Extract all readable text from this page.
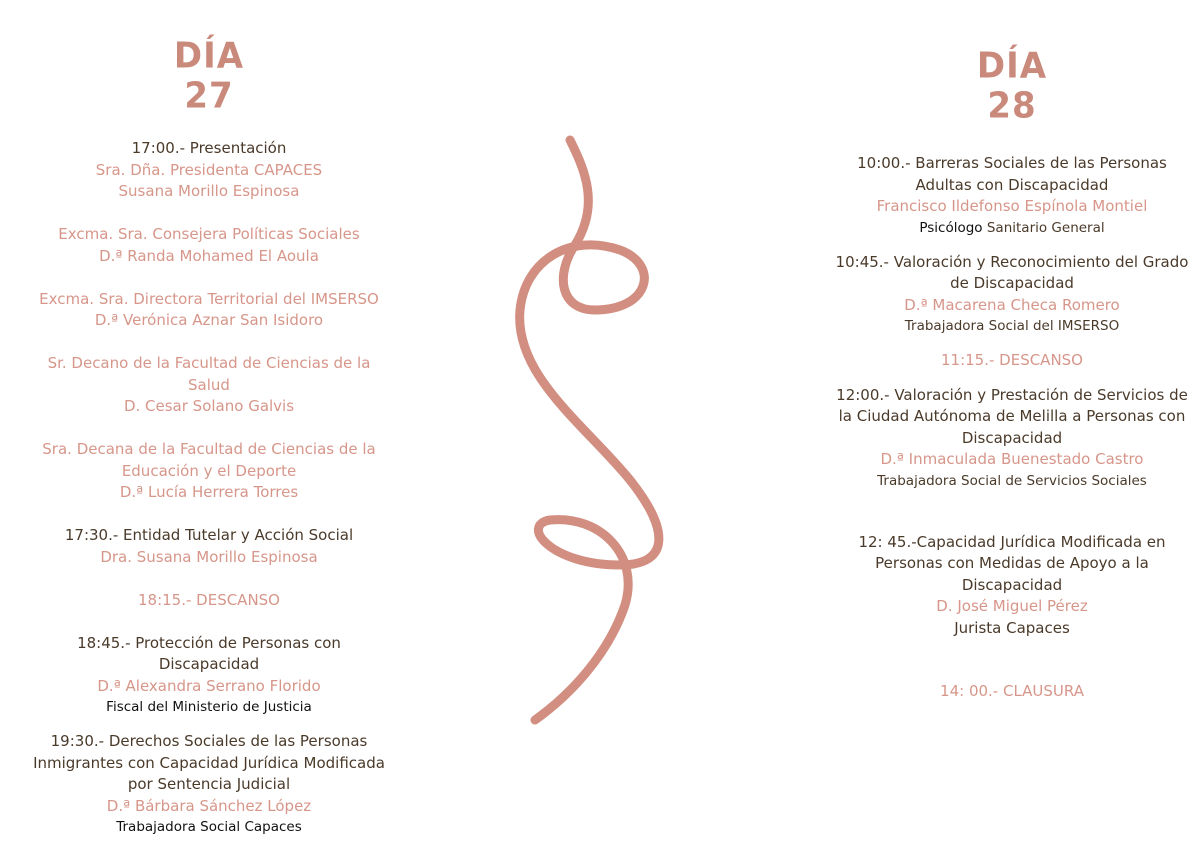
DÍA
27
17:00.- Presentación
Sra. Dña. Presidenta CAPACES
Susana Morillo Espinosa
Excma. Sra. Consejera Políticas Sociales
D.ª Randa Mohamed El Aoula
Excma. Sra. Directora Territorial del IMSERSO
D.ª Verónica Aznar San Isidoro
Sr. Decano de la Facultad de Ciencias de la
Salud
D. Cesar Solano Galvis
Sra. Decana de la Facultad de Ciencias de la
Educación y el Deporte
D.ª Lucía Herrera Torres
17:30.- Entidad Tutelar y Acción Social
Dra. Susana Morillo Espinosa
18:15.- DESCANSO
18:45.- Protección de Personas con
Discapacidad
D.ª Alexandra Serrano Florido
Fiscal del Ministerio de Justicia
19:30.- Derechos Sociales de las Personas
Inmigrantes con Capacidad Jurídica Modificada
por Sentencia Judicial
D.ª Bárbara Sánchez López
Trabajadora Social Capaces
DÍA
28
10:00.- Barreras Sociales de las Personas
Adultas con Discapacidad
Francisco Ildefonso Espínola Montiel
Psicólogo Sanitario General
10:45.- Valoración y Reconocimiento del Grado
de Discapacidad
D.ª Macarena Checa Romero
Trabajadora Social del IMSERSO
11:15.- DESCANSO
12:00.- Valoración y Prestación de Servicios de
la Ciudad Autónoma de Melilla a Personas con
Discapacidad
D.ª Inmaculada Buenestado Castro
Trabajadora Social de Servicios Sociales
12: 45.-Capacidad Jurídica Modificada en
Personas con Medidas de Apoyo a la
Discapacidad
D. José Miguel Pérez
Jurista Capaces
14: 00.- CLAUSURA
